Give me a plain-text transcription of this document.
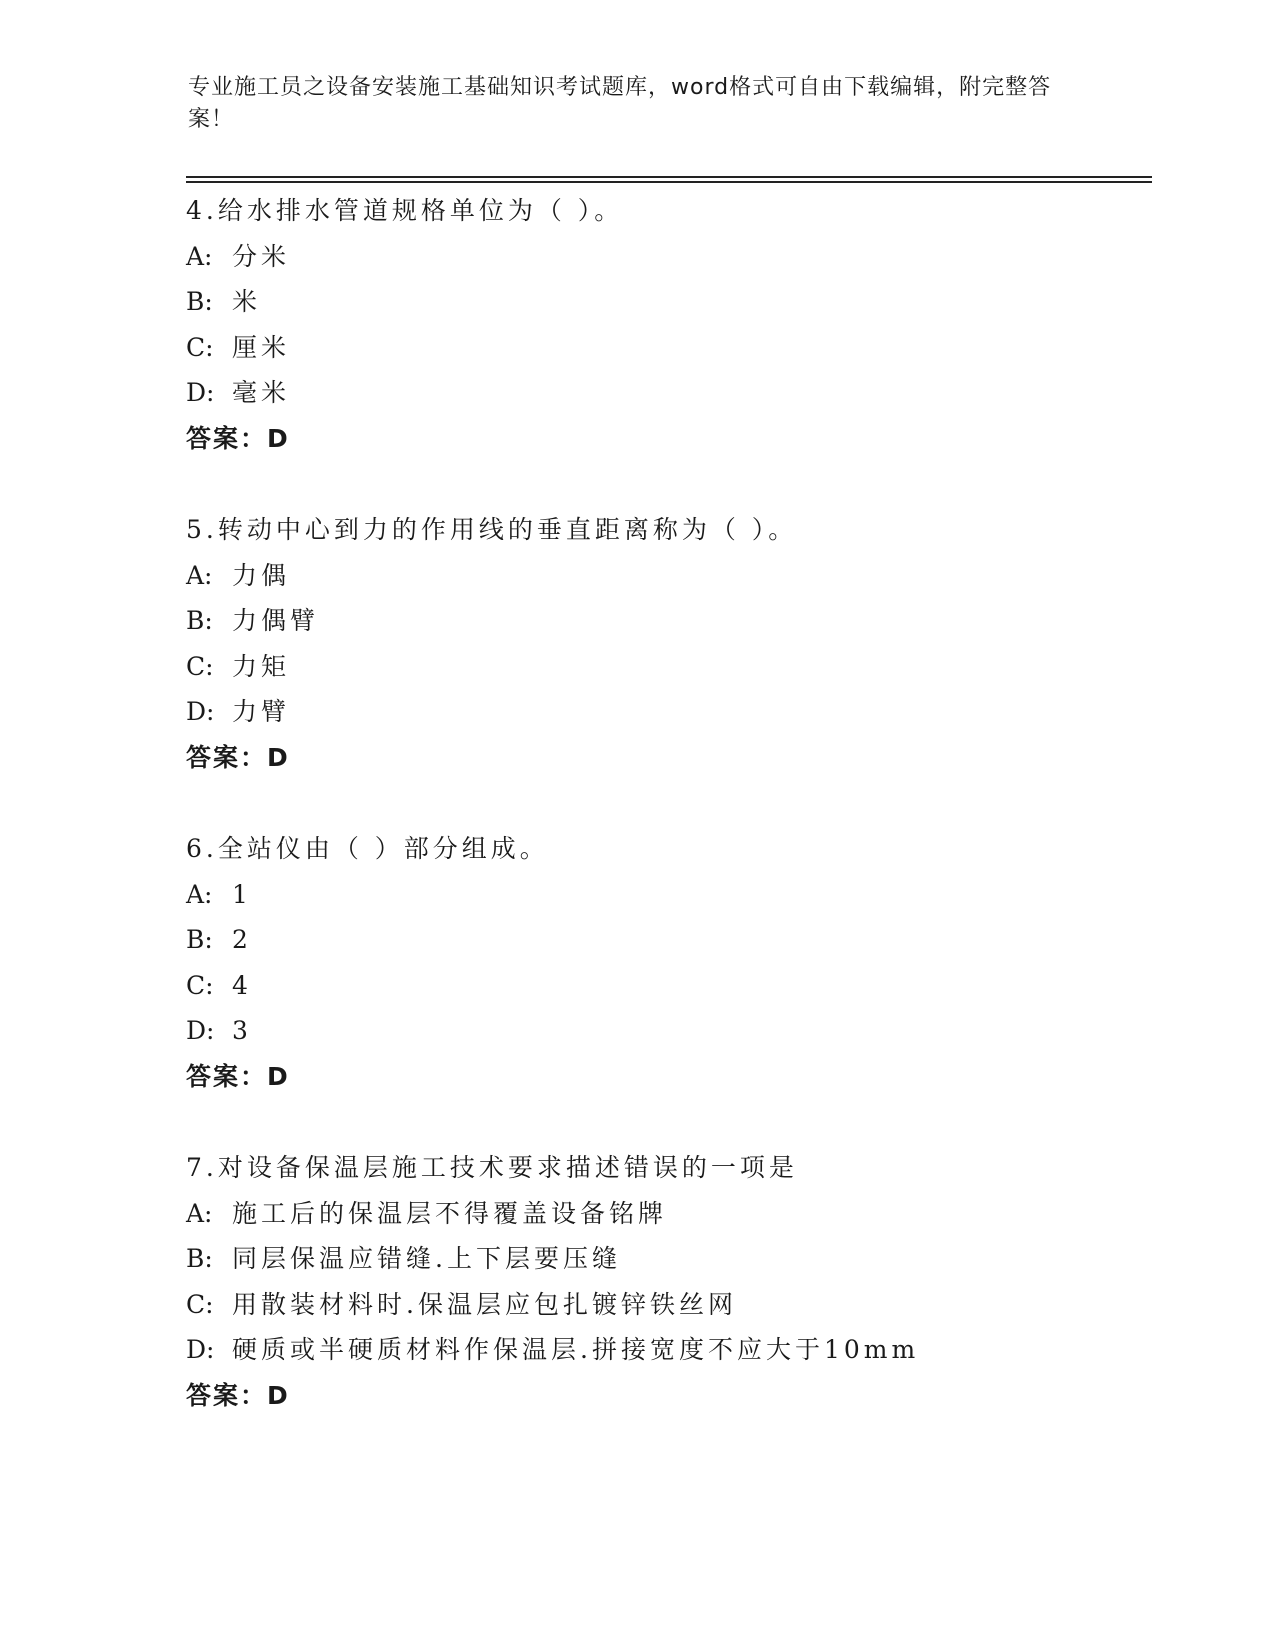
专业施工员之设备安装施工基础知识考试题库，word格式可自由下载编辑，附完整答案！
4.给水排水管道规格单位为（ ）。
A: 分米
B: 米
C: 厘米
D: 毫米
答案：D
5.转动中心到力的作用线的垂直距离称为（ ）。
A: 力偶
B: 力偶臂
C: 力矩
D: 力臂
答案：D
6.全站仪由（ ）部分组成。
A: 1
B: 2
C: 4
D: 3
答案：D
7.对设备保温层施工技术要求描述错误的一项是
A: 施工后的保温层不得覆盖设备铭牌
B: 同层保温应错缝.上下层要压缝
C: 用散装材料时.保温层应包扎镀锌铁丝网
D: 硬质或半硬质材料作保温层.拼接宽度不应大于10mm
答案：D
